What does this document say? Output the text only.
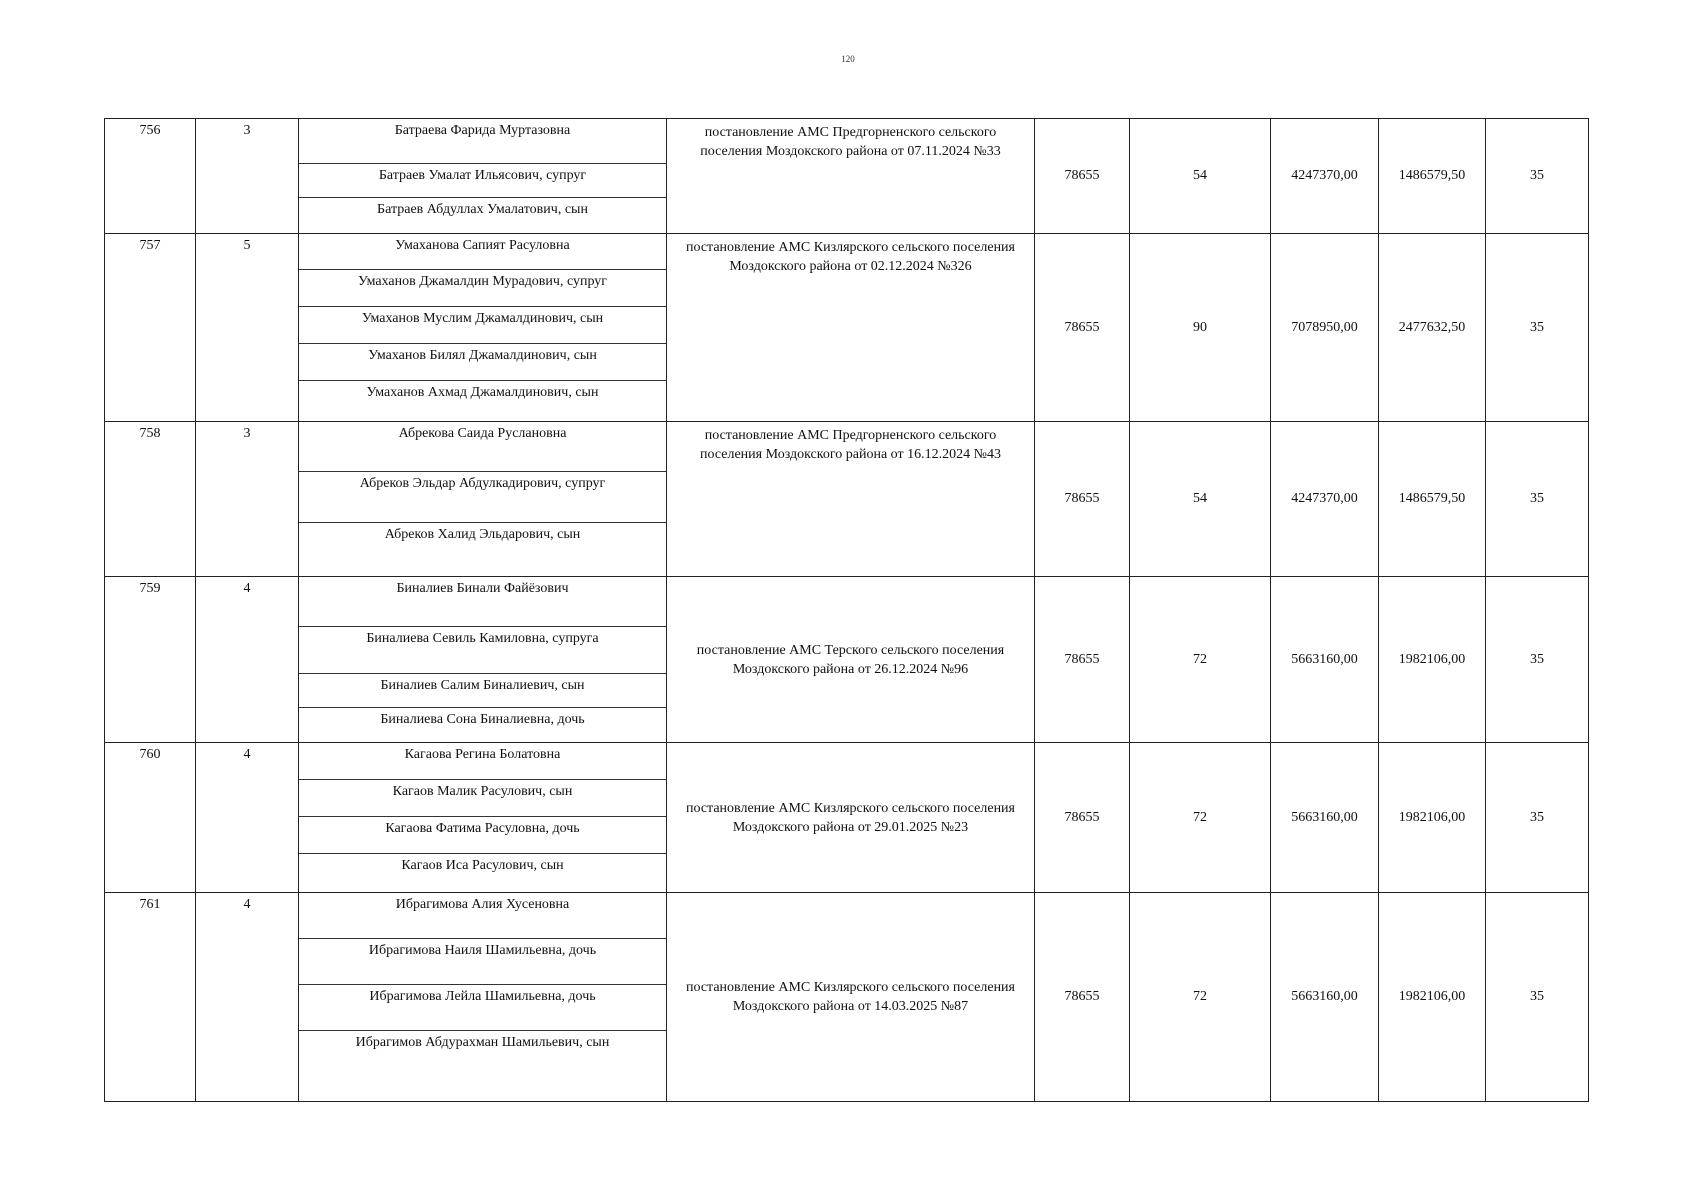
120
756	3	Батраева Фарида Муртазовна
Батраев Умалат Ильясович, супруг
Батраев Абдуллах Умалатович, сын	постановление АМС Предгорненского сельского поселения Моздокского района от 07.11.2024 №33	78655	54	4247370,00	1486579,50	35
757	5	Умаханова Сапият Расуловна
Умаханов Джамалдин Мурадович, супруг
Умаханов Муслим Джамалдинович, сын
Умаханов Билял Джамалдинович, сын
Умаханов Ахмад Джамалдинович, сын	постановление АМС Кизлярского сельского поселения Моздокского района от 02.12.2024 №326	78655	90	7078950,00	2477632,50	35
758	3	Абрекова Саида Руслановна
Абреков Эльдар Абдулкадирович, супруг
Абреков Халид Эльдарович, сын	постановление АМС Предгорненского сельского поселения Моздокского района от 16.12.2024 №43	78655	54	4247370,00	1486579,50	35
759	4	Биналиев Бинали Файёзович
Биналиева Севиль Камиловна, супруга
Биналиев Салим Биналиевич, сын
Биналиева Сона Биналиевна, дочь	постановление АМС Терского сельского поселения Моздокского района от 26.12.2024 №96	78655	72	5663160,00	1982106,00	35
760	4	Кагаова Регина Болатовна
Кагаов Малик Расулович, сын
Кагаова Фатима Расуловна, дочь
Кагаов Иса Расулович, сын	постановление АМС Кизлярского сельского поселения Моздокского района от 29.01.2025 №23	78655	72	5663160,00	1982106,00	35
761	4	Ибрагимова Алия Хусеновна
Ибрагимова Наиля Шамильевна, дочь
Ибрагимова Лейла Шамильевна, дочь
Ибрагимов Абдурахман Шамильевич, сын	постановление АМС Кизлярского сельского поселения Моздокского района от 14.03.2025 №87	78655	72	5663160,00	1982106,00	35
